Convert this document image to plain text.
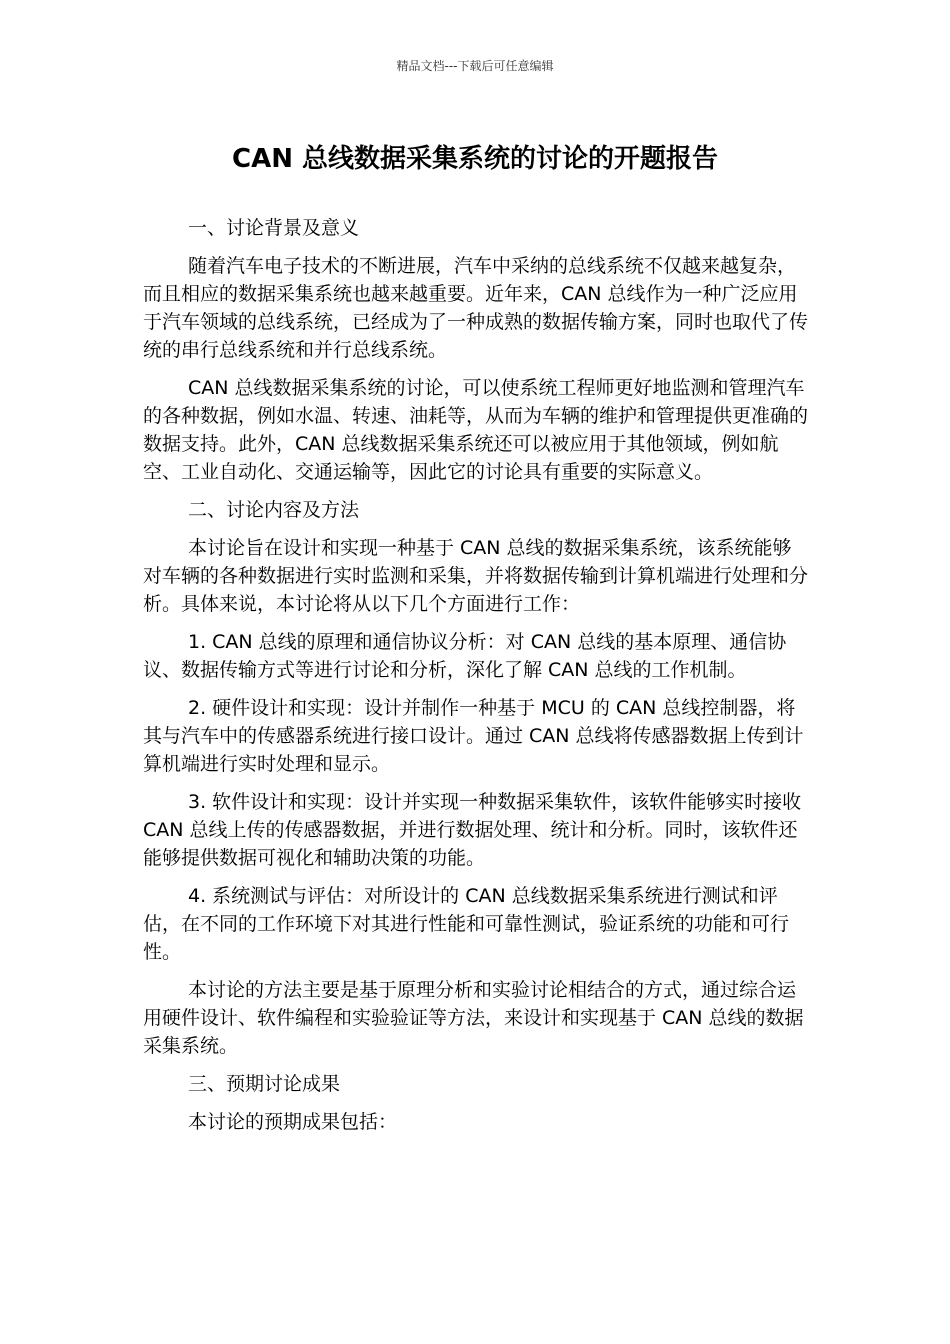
精品文档---下载后可任意编辑
CAN 总线数据采集系统的讨论的开题报告

一、讨论背景及意义

随着汽车电子技术的不断进展，汽车中采纳的总线系统不仅越来越复杂，而且相应的数据采集系统也越来越重要。近年来，CAN 总线作为一种广泛应用于汽车领域的总线系统，已经成为了一种成熟的数据传输方案，同时也取代了传统的串行总线系统和并行总线系统。

CAN 总线数据采集系统的讨论，可以使系统工程师更好地监测和管理汽车的各种数据，例如水温、转速、油耗等，从而为车辆的维护和管理提供更准确的数据支持。此外，CAN 总线数据采集系统还可以被应用于其他领域，例如航空、工业自动化、交通运输等，因此它的讨论具有重要的实际意义。

二、讨论内容及方法

本讨论旨在设计和实现一种基于 CAN 总线的数据采集系统，该系统能够对车辆的各种数据进行实时监测和采集，并将数据传输到计算机端进行处理和分析。具体来说，本讨论将从以下几个方面进行工作：

1. CAN 总线的原理和通信协议分析：对 CAN 总线的基本原理、通信协议、数据传输方式等进行讨论和分析，深化了解 CAN 总线的工作机制。

2. 硬件设计和实现：设计并制作一种基于 MCU 的 CAN 总线控制器，将其与汽车中的传感器系统进行接口设计。通过 CAN 总线将传感器数据上传到计算机端进行实时处理和显示。

3. 软件设计和实现：设计并实现一种数据采集软件，该软件能够实时接收 CAN 总线上传的传感器数据，并进行数据处理、统计和分析。同时，该软件还能够提供数据可视化和辅助决策的功能。

4. 系统测试与评估：对所设计的 CAN 总线数据采集系统进行测试和评估，在不同的工作环境下对其进行性能和可靠性测试，验证系统的功能和可行性。

本讨论的方法主要是基于原理分析和实验讨论相结合的方式，通过综合运用硬件设计、软件编程和实验验证等方法，来设计和实现基于 CAN 总线的数据采集系统。

三、预期讨论成果

本讨论的预期成果包括：
